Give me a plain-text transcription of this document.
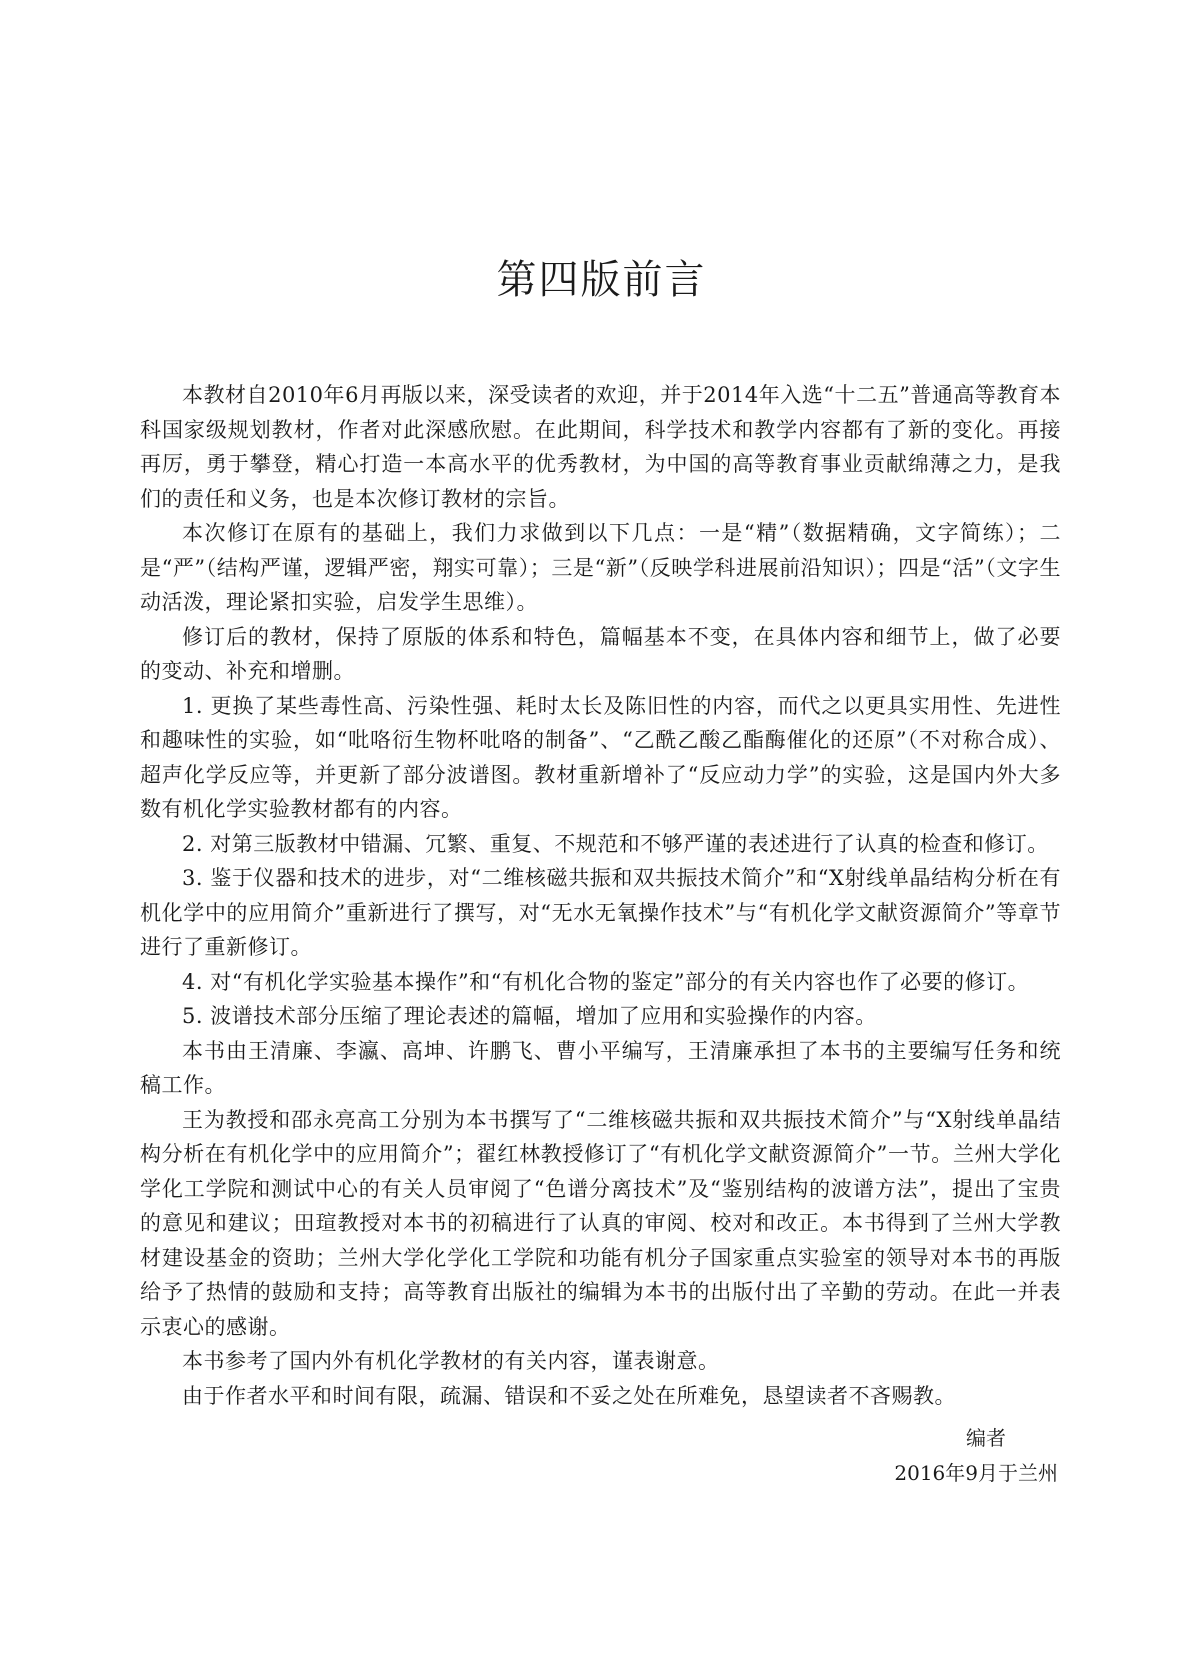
第四版前言

本教材自2010年6月再版以来，深受读者的欢迎，并于2014年入选“十二五”普通高等教育本科国家级规划教材，作者对此深感欣慰。在此期间，科学技术和教学内容都有了新的变化。再接再厉，勇于攀登，精心打造一本高水平的优秀教材，为中国的高等教育事业贡献绵薄之力，是我们的责任和义务，也是本次修订教材的宗旨。

本次修订在原有的基础上，我们力求做到以下几点：一是“精”（数据精确，文字简练）；二是“严”（结构严谨，逻辑严密，翔实可靠）；三是“新”（反映学科进展前沿知识）；四是“活”（文字生动活泼，理论紧扣实验，启发学生思维）。

修订后的教材，保持了原版的体系和特色，篇幅基本不变，在具体内容和细节上，做了必要的变动、补充和增删。

1. 更换了某些毒性高、污染性强、耗时太长及陈旧性的内容，而代之以更具实用性、先进性和趣味性的实验，如“吡咯衍生物杯吡咯的制备”、“乙酰乙酸乙酯酶催化的还原”（不对称合成）、超声化学反应等，并更新了部分波谱图。教材重新增补了“反应动力学”的实验，这是国内外大多数有机化学实验教材都有的内容。

2. 对第三版教材中错漏、冗繁、重复、不规范和不够严谨的表述进行了认真的检查和修订。

3. 鉴于仪器和技术的进步，对“二维核磁共振和双共振技术简介”和“X射线单晶结构分析在有机化学中的应用简介”重新进行了撰写，对“无水无氧操作技术”与“有机化学文献资源简介”等章节进行了重新修订。

4. 对“有机化学实验基本操作”和“有机化合物的鉴定”部分的有关内容也作了必要的修订。

5. 波谱技术部分压缩了理论表述的篇幅，增加了应用和实验操作的内容。

本书由王清廉、李瀛、高坤、许鹏飞、曹小平编写，王清廉承担了本书的主要编写任务和统稿工作。

王为教授和邵永亮高工分别为本书撰写了“二维核磁共振和双共振技术简介”与“X射线单晶结构分析在有机化学中的应用简介”；翟红林教授修订了“有机化学文献资源简介”一节。兰州大学化学化工学院和测试中心的有关人员审阅了“色谱分离技术”及“鉴别结构的波谱方法”，提出了宝贵的意见和建议；田瑄教授对本书的初稿进行了认真的审阅、校对和改正。本书得到了兰州大学教材建设基金的资助；兰州大学化学化工学院和功能有机分子国家重点实验室的领导对本书的再版给予了热情的鼓励和支持；高等教育出版社的编辑为本书的出版付出了辛勤的劳动。在此一并表示衷心的感谢。

本书参考了国内外有机化学教材的有关内容，谨表谢意。

由于作者水平和时间有限，疏漏、错误和不妥之处在所难免，恳望读者不吝赐教。

编者
2016年9月于兰州
